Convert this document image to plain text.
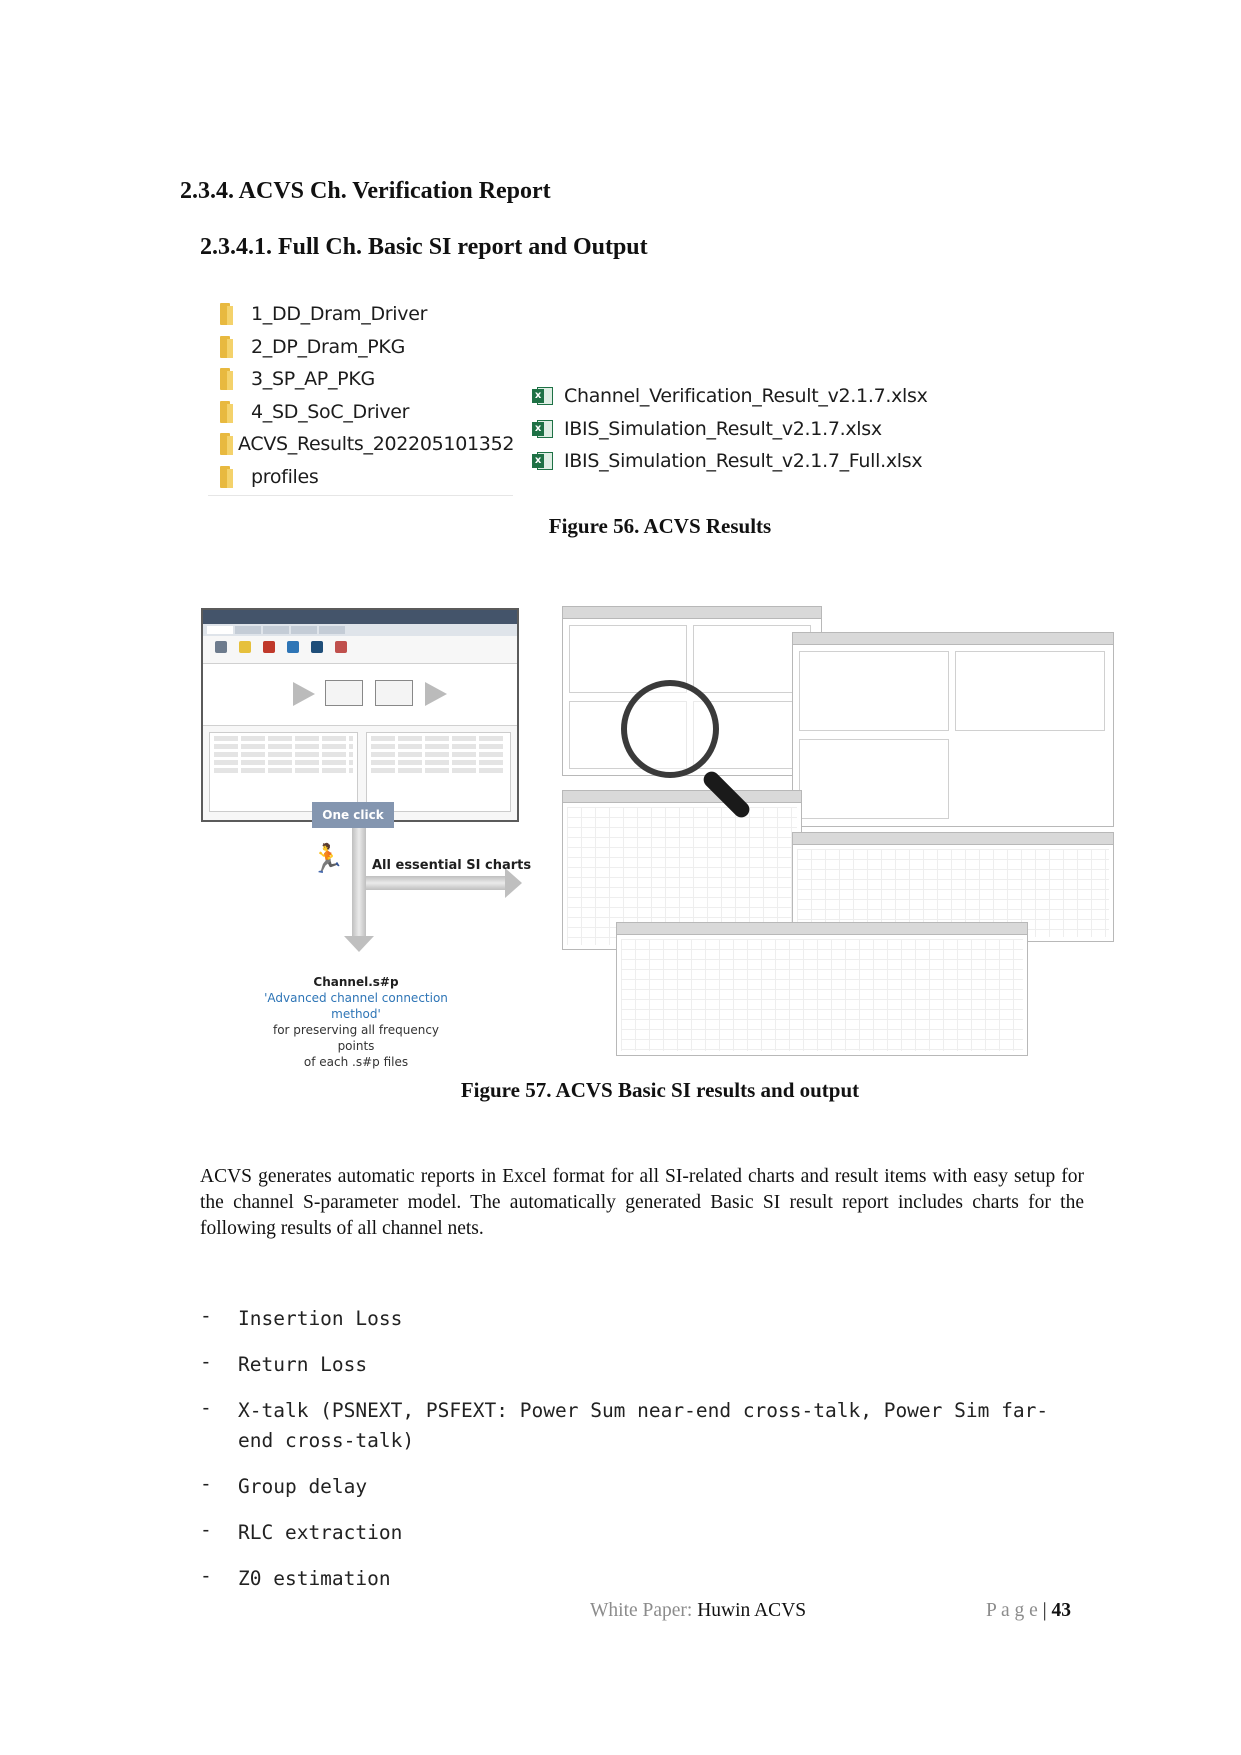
2.3.4. ACVS Ch. Verification Report
2.3.4.1. Full Ch. Basic SI report and Output
1_DD_Dram_Driver
2_DP_Dram_PKG
3_SP_AP_PKG
4_SD_SoC_Driver
ACVS_Results_202205101352
profiles
x Channel_Verification_Result_v2.1.7.xlsx
x IBIS_Simulation_Result_v2.1.7.xlsx
x IBIS_Simulation_Result_v2.1.7_Full.xlsx
Figure 56. ACVS Results
One click
🏃 All essential SI charts
Channel.s#p
'Advanced channel connection method'
for preserving all frequency points
of each .s#p files
Figure 57. ACVS Basic SI results and output
ACVS generates automatic reports in Excel format for all SI-related charts and result items with easy setup for the channel S-parameter model. The automatically generated Basic SI result report includes charts for the following results of all channel nets.
-	Insertion Loss
-	Return Loss
-	X-talk (PSNEXT, PSFEXT: Power Sum near-end cross-talk, Power Sim far-end cross-talk)
-	Group delay
-	RLC extraction
-	Z0 estimation
White Paper: Huwin ACVS	P a g e | 43
